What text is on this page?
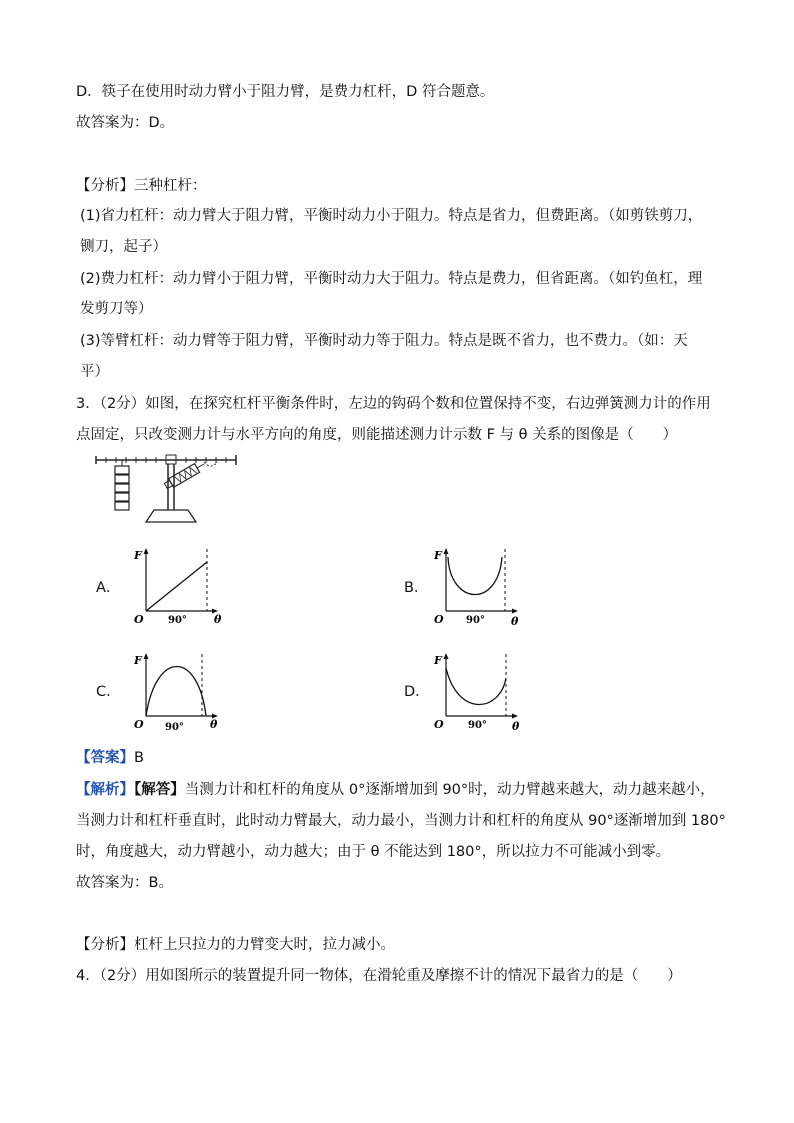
D．筷子在使用时动力臂小于阻力臂，是费力杠杆，D 符合题意。
故答案为：D。
【分析】三种杠杆：
(1)省力杠杆：动力臂大于阻力臂，平衡时动力小于阻力。特点是省力，但费距离。（如剪铁剪刀，
铡刀，起子）
(2)费力杠杆：动力臂小于阻力臂，平衡时动力大于阻力。特点是费力，但省距离。（如钓鱼杠，理
发剪刀等）
(3)等臂杠杆：动力臂等于阻力臂，平衡时动力等于阻力。特点是既不省力，也不费力。（如：天
平）
3．（2分）如图，在探究杠杆平衡条件时，左边的钩码个数和位置保持不变，右边弹簧测力计的作用
点固定，只改变测力计与水平方向的角度，则能描述测力计示数 F 与 θ 关系的图像是（　　）
A．
F
O 90° θ
B．
F
O 90° θ
C．
F
O 90° θ
D．
F
O 90° θ
【答案】B
【解析】【解答】当测力计和杠杆的角度从 0°逐渐增加到 90°时，动力臂越来越大，动力越来越小，
当测力计和杠杆垂直时，此时动力臂最大，动力最小，当测力计和杠杆的角度从 90°逐渐增加到 180°
时，角度越大，动力臂越小，动力越大；由于 θ 不能达到 180°，所以拉力不可能减小到零。
故答案为：B。
【分析】杠杆上只拉力的力臂变大时，拉力减小。
4．（2分）用如图所示的装置提升同一物体，在滑轮重及摩擦不计的情况下最省力的是（　　）
